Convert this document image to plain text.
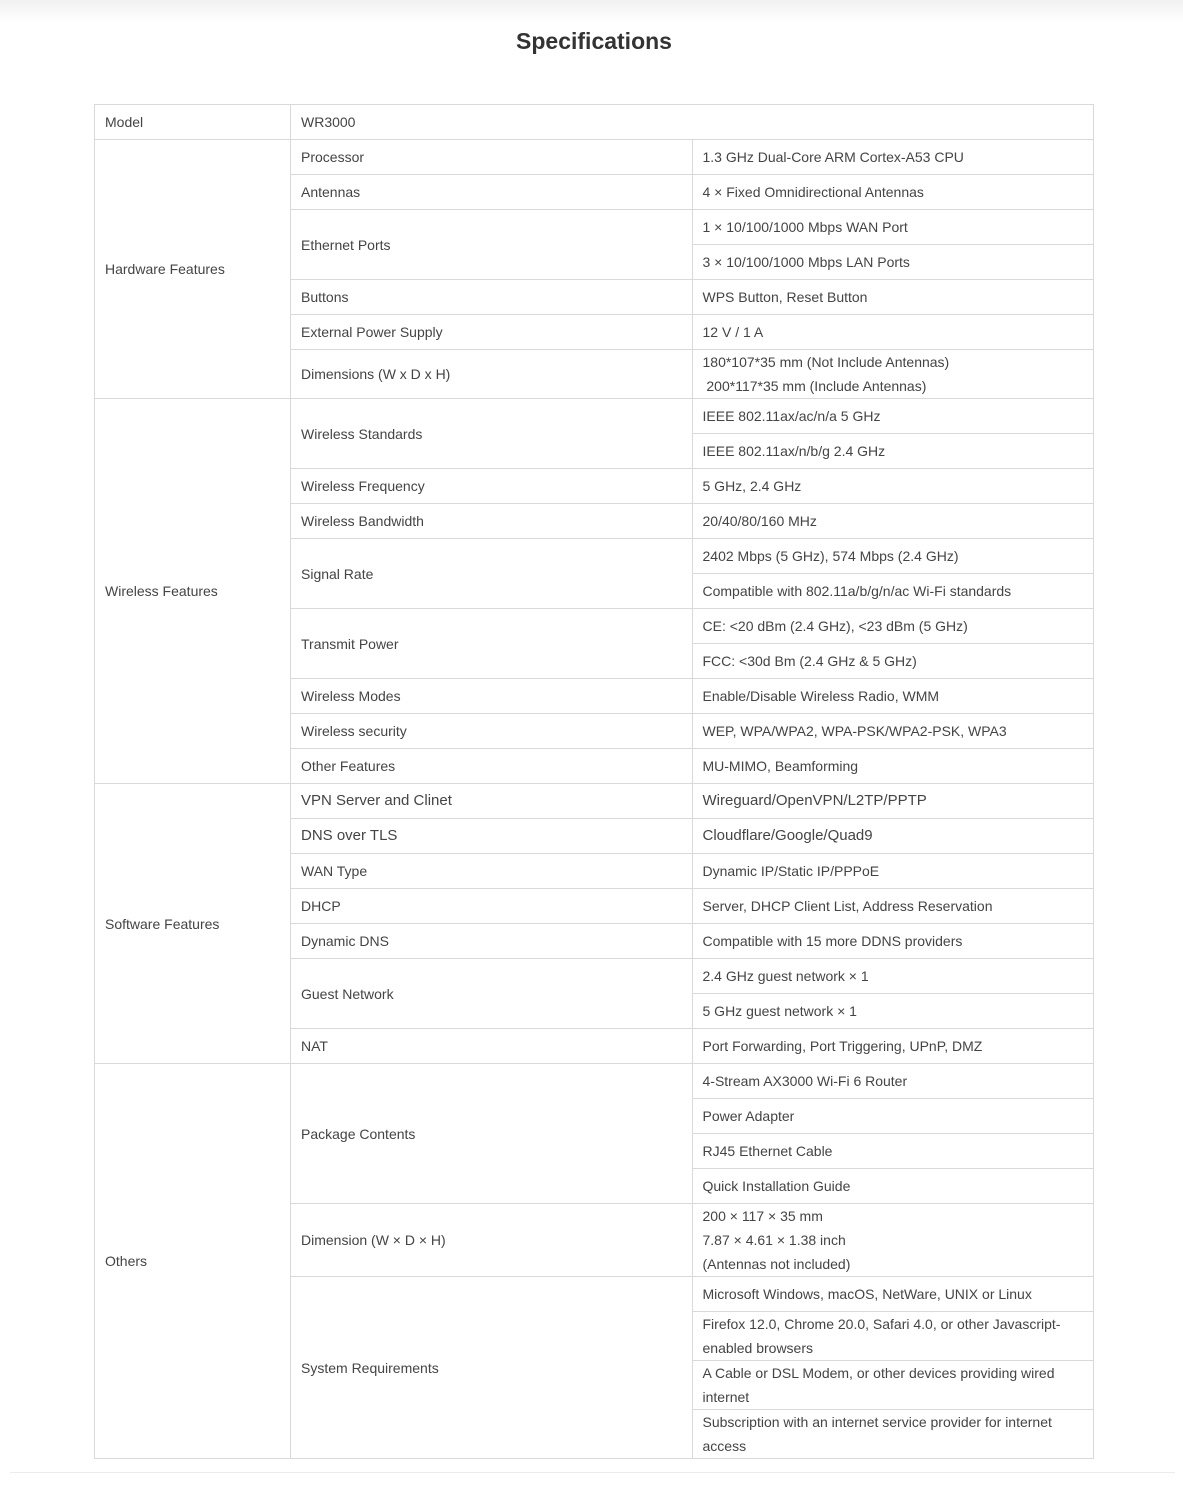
Specifications
Model	WR3000	
Hardware Features	Processor	1.3 GHz Dual-Core ARM Cortex-A53 CPU
	Antennas	4 × Fixed Omnidirectional Antennas
	Ethernet Ports	1 × 10/100/1000 Mbps WAN Port
		3 × 10/100/1000 Mbps LAN Ports
	Buttons	WPS Button, Reset Button
	External Power Supply	12 V / 1 A
	Dimensions (W x D x H)	180*107*35 mm (Not Include Antennas)
200*117*35 mm (Include Antennas)

Wireless Features	Wireless Standards	IEEE 802.11ax/ac/n/a 5 GHz
		IEEE 802.11ax/n/b/g 2.4 GHz
	Wireless Frequency	5 GHz, 2.4 GHz
	Wireless Bandwidth	20/40/80/160 MHz
	Signal Rate	2402 Mbps (5 GHz), 574 Mbps (2.4 GHz)
		Compatible with 802.11a/b/g/n/ac Wi-Fi standards
	Transmit Power	CE: <20 dBm (2.4 GHz), <23 dBm (5 GHz)
		FCC: <30d Bm (2.4 GHz & 5 GHz)
	Wireless Modes	Enable/Disable Wireless Radio, WMM
	Wireless security	WEP, WPA/WPA2, WPA-PSK/WPA2-PSK, WPA3
	Other Features	MU-MIMO, Beamforming
Software Features	VPN Server and Clinet	Wireguard/OpenVPN/L2TP/PPTP
	DNS over TLS	Cloudflare/Google/Quad9
	WAN Type	Dynamic IP/Static IP/PPPoE
	DHCP	Server, DHCP Client List, Address Reservation
	Dynamic DNS	Compatible with 15 more DDNS providers
	Guest Network	2.4 GHz guest network × 1
		5 GHz guest network × 1
	NAT	Port Forwarding, Port Triggering, UPnP, DMZ
Others	Package Contents	4-Stream AX3000 Wi-Fi 6 Router
		Power Adapter
		RJ45 Ethernet Cable
		Quick Installation Guide
	Dimension (W × D × H)	200 × 117 × 35 mm
7.87 × 4.61 × 1.38 inch
(Antennas not included)

	System Requirements	Microsoft Windows, macOS, NetWare, UNIX or Linux
		Firefox 12.0, Chrome 20.0, Safari 4.0, or other Javascript-enabled browsers
		A Cable or DSL Modem, or other devices providing wired internet
		Subscription with an internet service provider for internet access
